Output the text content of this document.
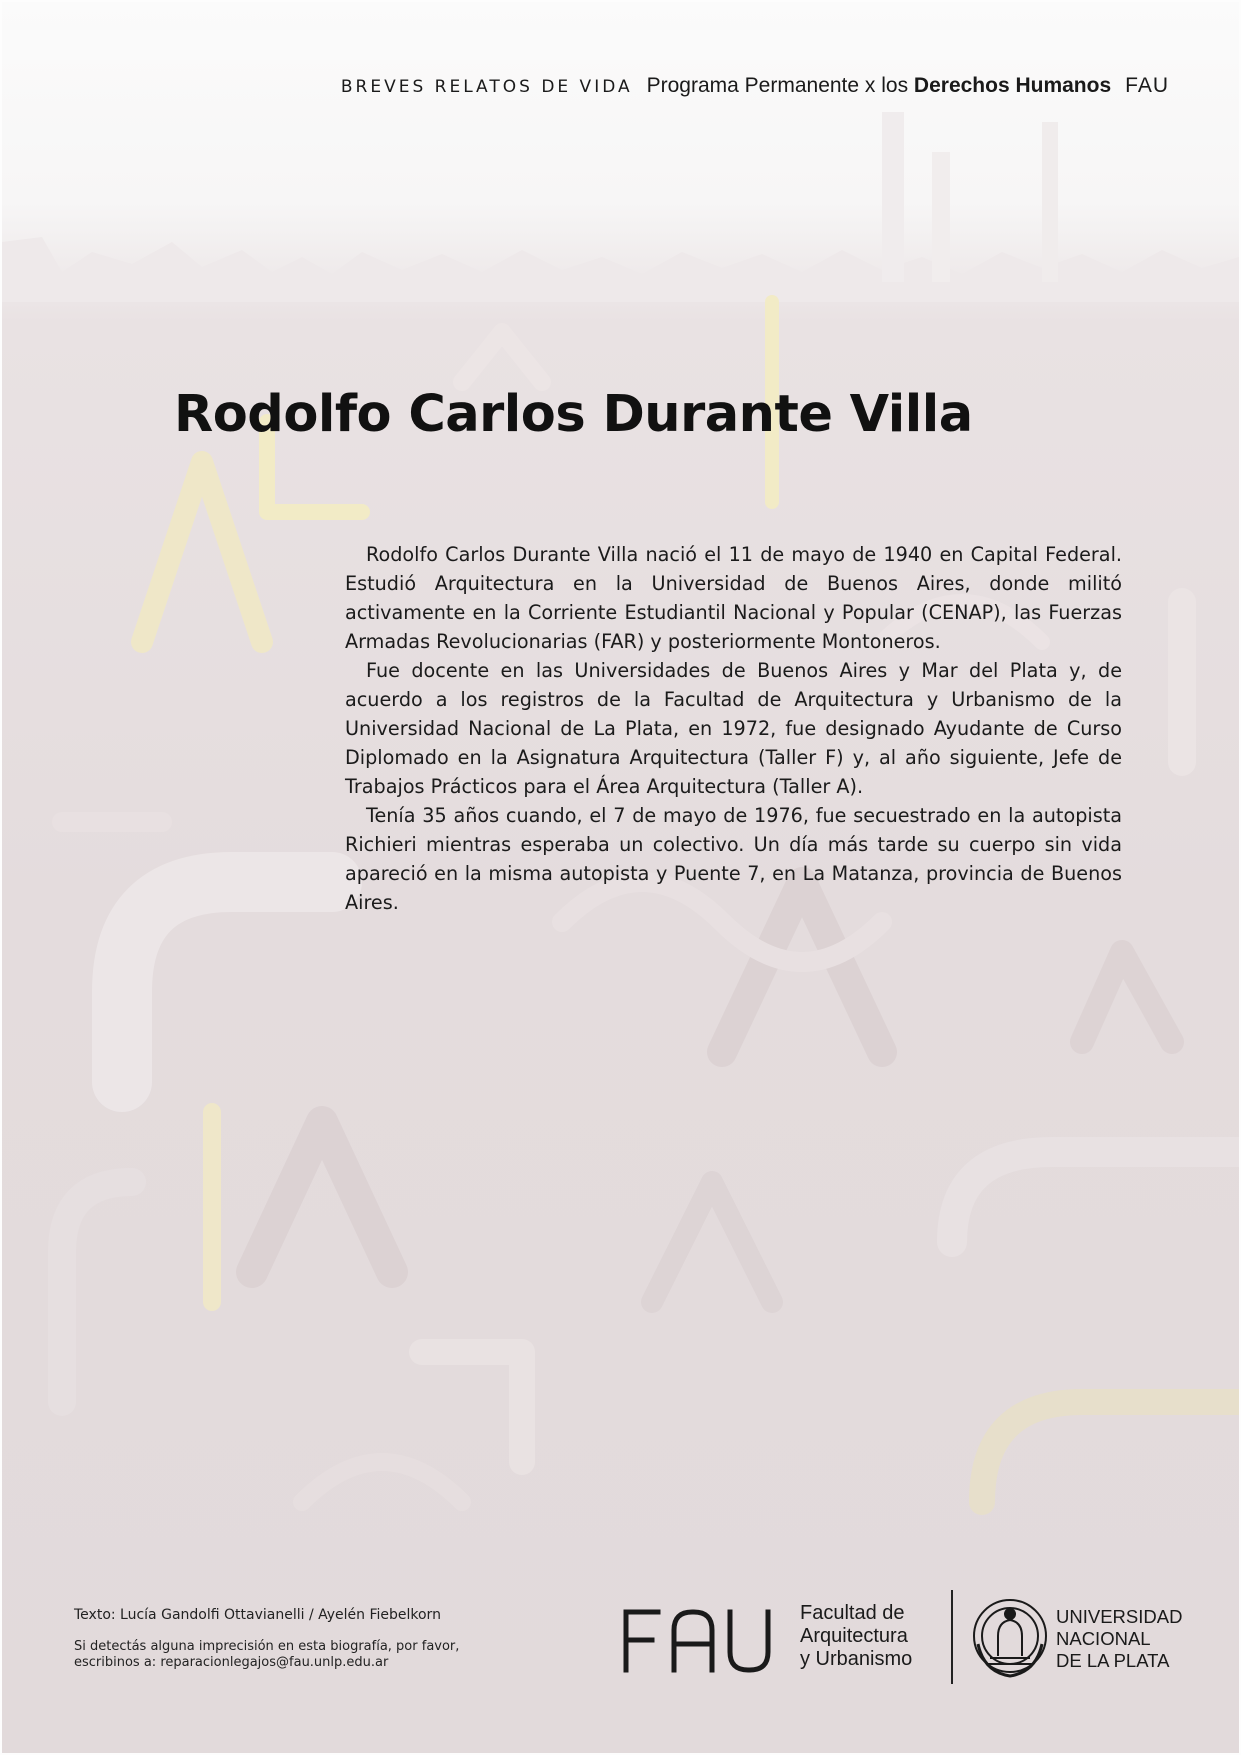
BREVES RELATOS DE VIDA Programa Permanente x los Derechos Humanos FAU
Rodolfo Carlos Durante Villa

Rodolfo Carlos Durante Villa nació el 11 de mayo de 1940 en Capital Federal. Estudió Arquitectura en la Universidad de Buenos Aires, donde militó activamente en la Corriente Estudiantil Nacional y Popular (CENAP), las Fuerzas Armadas Revolucionarias (FAR) y posteriormente Montoneros.

Fue docente en las Universidades de Buenos Aires y Mar del Plata y, de acuerdo a los registros de la Facultad de Arquitectura y Urbanismo de la Universidad Nacional de La Plata, en 1972, fue designado Ayudante de Curso Diplomado en la Asignatura Arquitectura (Taller F) y, al año siguiente, Jefe de Trabajos Prácticos para el Área Arquitectura (Taller A).

Tenía 35 años cuando, el 7 de mayo de 1976, fue secuestrado en la autopista Richieri mientras esperaba un colectivo. Un día más tarde su cuerpo sin vida apareció en la misma autopista y Puente 7, en La Matanza, provincia de Buenos Aires.

Texto: Lucía Gandolfi Ottavianelli / Ayelén Fiebelkorn
Si detectás alguna imprecisión en esta biografía, por favor,
escribinos a: reparacionlegajos@fau.unlp.edu.ar
Facultad de
Arquitectura
y Urbanismo
UNIVERSIDAD
NACIONAL
DE LA PLATA
